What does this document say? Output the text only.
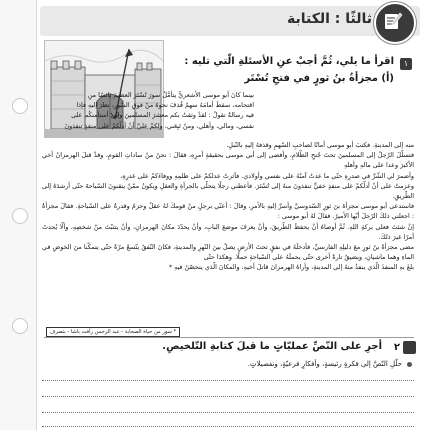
ثالثًا : الكتابة
١
اقرأ ما يلي، ثُمَّ أجبْ عنِ الأسئلةِ الّتي تليه :
(أ) مجزأةُ بنُ ثورٍ في فتحِ تُسْتَر

بينما كانَ أبو موسى الأشعريُّ يتأمَّلُ سورَ تُسْتَرَ العظيمَ يائسًا منِ

اقتحامه، سقطَ أمامَهُ سهمٌ قُذفَ نحوهُ منْ فوقِ السّورِ، نظرَ إليهِ فإذا

فيه رسالةٌ تقولُ : لقدْ وثقتُ بكم معشرَ المسلمينَ وإنّي أستأمنكُم على

نفسي، ومالي، وأهلي، ومنْ تَبِعَني، ولكمْ عليَّ أنْ أدلّكمْ على منفذٍ تنفذونَ

منه إلى المدينةِ. فكتبَ أبو موسى أمانًا لصاحبِ السّهمِ وقذفهُ إليهِ بالنّبلِ.

فتسلّلَ الرّجلُ إلى المسلمينَ تحتَ جُنحِ الظّلامِ، وأفضى إلى أبي موسى بحقيقةِ أمرِهِ، فقالَ : نحنُ منْ ساداتِ القومِ، وقدْ قتلَ الهرمزانُ أخي الأكبرَ وعدا على مالهِ وأهلهِ

وأضمرَ لي الشّرَّ في صدرِهِ حتّى ما عدتُ آمنُهُ على نفسي وأولادي. فآثرتُ عدلكمْ على ظلمِهِ ووفاءَكمْ على غدرِهِ،

وعزمتُ على أنْ أدلّكمْ على منفذٍ خفيٍّ تنفذونَ منهُ إلى تُسْتَرَ. فأعطني رجلًا يتحلّى بالجرأةِ والعقلِ ويكونُ ممّنْ يتقنونَ السّباحةَ حتّى أرشدَهُ إلى الطّريقِ.

فاستدعى أبو موسى مجزأةَ بنَ ثورٍ السّدوسيَّ وأسرَّ إليهِ بالأمرِ، وقالَ : أعنّي برجلٍ منْ قومكَ لهُ عقلٌ وحزمٌ وقدرةٌ على السّباحةِ. فقالَ مجزأةُ : اجعلني ذلكَ الرّجلَ أيّها الأميرُ. فقالَ لهُ أبو موسى :

إنْ شئتَ فعلى بركةِ اللهِ. ثُمَّ أوصاهُ أنْ يحفظَ الطّريقَ، وأنْ يعرفَ موضعَ البابِ، وأنْ يحدّدَ مكانَ الهرمزانِ، وأنْ يتثبّتَ منْ شخصِهِ، وألّا يُحدثَ أمرًا غيرَ ذلكَ.

مضى مجزأةُ بنُ ثورٍ معَ دليلِهِ الفارسيِّ، فأدخلَهُ في نفقٍ تحتَ الأرضِ يصلُ بينَ النّهرِ والمدينةِ، فكانَ النّفقُ يتّسعُ مرّةً حتّى يتمكّنا منَ الخوضِ في الماءِ وهما ماشيانِ، ويضيقُ تارةً أخرى حتّى يحملَهُ على السّباحةِ حملًا. وهكذا حتّى

بلغَ بهِ المنفذَ الّذي ينفذُ منهُ إلى المدينةِ، وأراهُ الهرمزانَ قاتلَ أخيهِ، والمكانَ الّذي يتحصّنُ فيهِ *

* سور من حياة الصحابة - عبد الرحمن رأفت باشا - بتصرف
٢
أجرِ على النّصِّ عمليّاتٍ ما قبلَ كتابةِ التّلخيصِ.
حلّلِ النّصَّ إلى فكرةٍ رئيسةٍ، وأفكارٍ فرعيّةٍ، وتفصيلاتٍ.
